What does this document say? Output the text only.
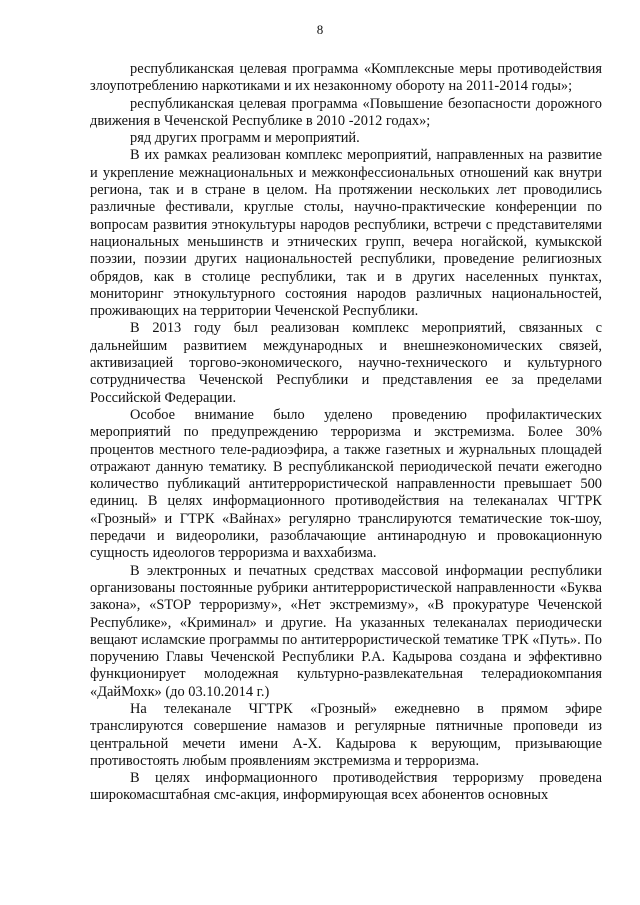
8

республиканская целевая программа «Комплексные меры противодействия злоупотреблению наркотиками и их незаконному обороту на 2011-2014 годы»;

республиканская целевая программа «Повышение безопасности дорожного движения в Чеченской Республике в 2010 -2012 годах»;

ряд других программ и мероприятий.

В их рамках реализован комплекс мероприятий, направленных на развитие и укрепление межнациональных и межконфессиональных отношений как внутри региона, так и в стране в целом. На протяжении нескольких лет проводились различные фестивали, круглые столы, научно-практические конференции по вопросам развития этнокультуры народов республики, встречи с представителями национальных меньшинств и этнических групп, вечера ногайской, кумыкской поэзии, поэзии других национальностей республики, проведение религиозных обрядов, как в столице республики, так и в других населенных пунктах, мониторинг этнокультурного состояния народов различных национальностей, проживающих на территории Чеченской Республики.

В 2013 году был реализован комплекс мероприятий, связанных с дальнейшим развитием международных и внешнеэкономических связей, активизацией торгово-экономического, научно-технического и культурного сотрудничества Чеченской Республики и представления ее за пределами Российской Федерации.

Особое внимание было уделено проведению профилактических мероприятий по предупреждению терроризма и экстремизма. Более 30% процентов местного теле-радиоэфира, а также газетных и журнальных площадей отражают данную тематику. В республиканской периодической печати ежегодно количество публикаций антитеррористической направленности превышает 500 единиц. В целях информационного противодействия на телеканалах ЧГТРК «Грозный» и ГТРК «Вайнах» регулярно транслируются тематические ток-шоу, передачи и видеоролики, разоблачающие антинародную и провокационную сущность идеологов терроризма и ваххабизма.

В электронных и печатных средствах массовой информации республики организованы постоянные рубрики антитеррористической направленности «Буква закона», «STOP терроризму», «Нет экстремизму», «В прокуратуре Чеченской Республике», «Криминал» и другие. На указанных телеканалах периодически вещают исламские программы по антитеррористической тематике ТРК «Путь». По поручению Главы Чеченской Республики Р.А. Кадырова создана и эффективно функционирует молодежная культурно-развлекательная телерадиокомпания «ДайМохк» (до 03.10.2014 г.)

На телеканале ЧГТРК «Грозный» ежедневно в прямом эфире транслируются совершение намазов и регулярные пятничные проповеди из центральной мечети имени А-Х. Кадырова к верующим, призывающие противостоять любым проявлениям экстремизма и терроризма.

В целях информационного противодействия терроризму проведена широкомасштабная смс-акция, информирующая всех абонентов основных
